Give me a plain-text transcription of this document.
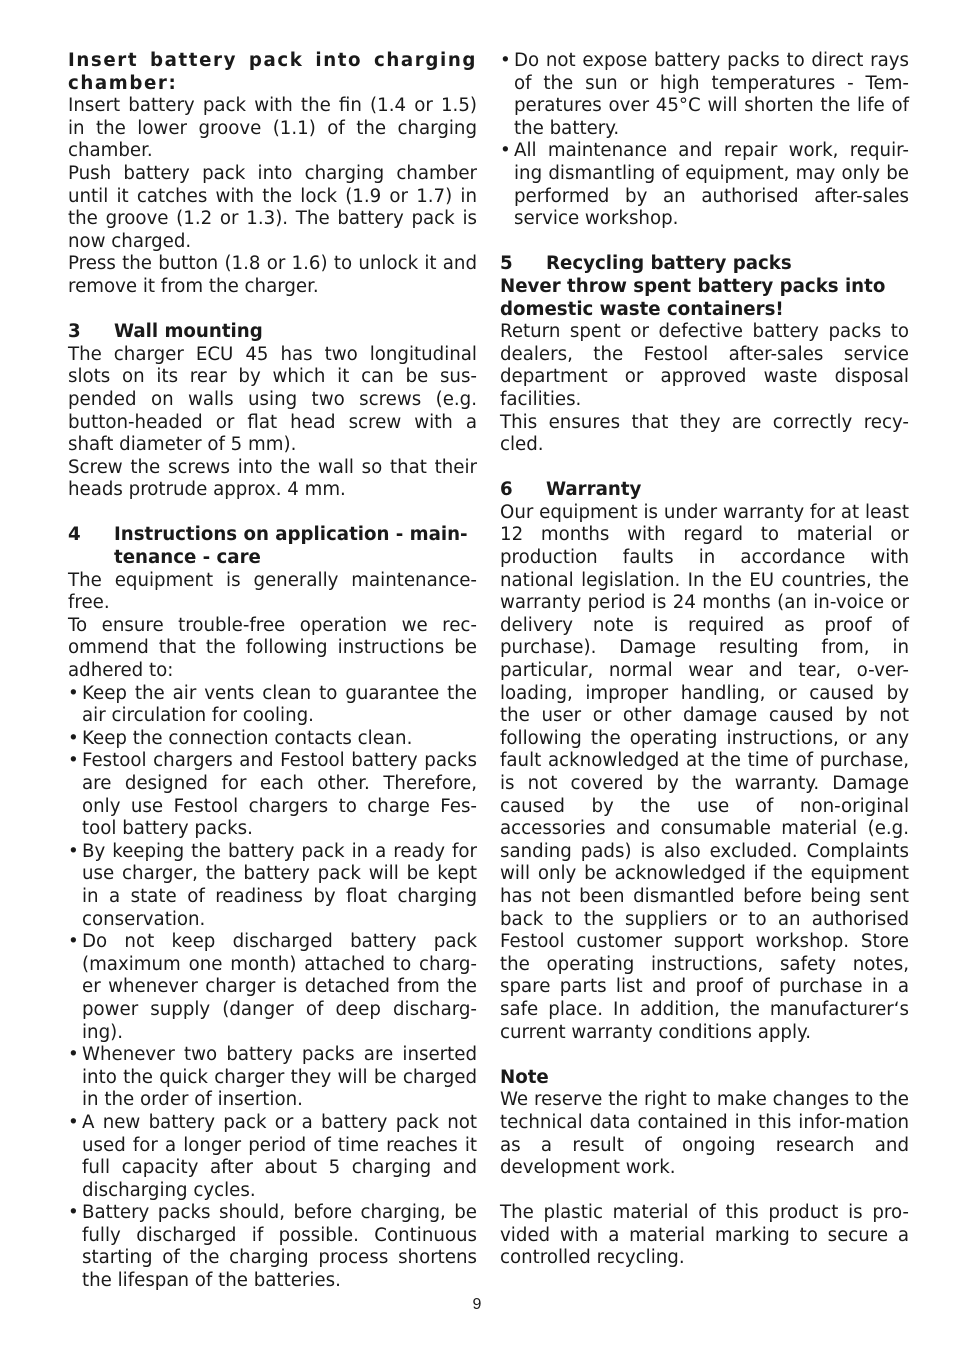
Insert battery pack into charging chamber:

Insert battery pack with the fin (1.4 or 1.5) in the lower groove (1.1) of the charging chamber.

Push battery pack into charging chamber until it catches with the lock (1.9 or 1.7) in the groove (1.2 or 1.3). The battery pack is now charged.

Press the button (1.8 or 1.6) to unlock it and remove it from the charger.

3	Wall mounting

The charger ECU 45 has two longitudinal slots on its rear by which it can be sus-pended on walls using two screws (e.g. button-headed or flat head screw with a shaft diameter of 5 mm).

Screw the screws into the wall so that their heads protrude approx. 4 mm.

4	Instructions on application - main-tenance - care

The equipment is generally maintenance-free.

To ensure trouble-free operation we rec-ommend that the following instructions be adhered to:

• Keep the air vents clean to guarantee the air circulation for cooling.
• Keep the connection contacts clean.
• Festool chargers and Festool battery packs are designed for each other. Therefore, only use Festool chargers to charge Fes-tool battery packs.
• By keeping the battery pack in a ready for use charger, the battery pack will be kept in a state of readiness by float charging conservation.
• Do not keep discharged battery pack (maximum one month) attached to charg-er whenever charger is detached from the power supply (danger of deep discharg-ing).
• Whenever two battery packs are inserted into the quick charger they will be charged in the order of insertion.
• A new battery pack or a battery pack not used for a longer period of time reaches it full capacity after about 5 charging and discharging cycles.
• Battery packs should, before charging, be fully discharged if possible. Continuous starting of the charging process shortens the lifespan of the batteries.
• Do not expose battery packs to direct rays of the sun or high temperatures - Tem-peratures over 45°C will shorten the life of the battery.
• All maintenance and repair work, requir-ing dismantling of equipment, may only be performed by an authorised after-sales service workshop.
5	Recycling battery packs

Never throw spent battery packs into domestic waste containers!

Return spent or defective battery packs to dealers, the Festool after-sales service department or approved waste disposal facilities.

This ensures that they are correctly recy-cled.

6	Warranty

Our equipment is under warranty for at least 12 months with regard to material or production faults in accordance with national legislation. In the EU countries, the warranty period is 24 months (an in-voice or delivery note is required as proof of purchase). Damage resulting from, in particular, normal wear and tear, o-ver-loading, improper handling, or caused by the user or other damage caused by not following the operating instructions, or any fault acknowledged at the time of purchase, is not covered by the warranty. Damage caused by the use of non-original accessories and consumable material (e.g. sanding pads) is also excluded. Complaints will only be acknowledged if the equipment has not been dismantled before being sent back to the suppliers or to an authorised Festool customer support workshop. Store the operating instructions, safety notes, spare parts list and proof of purchase in a safe place. In addition, the manufacturer‘s current warranty conditions apply.

Note

We reserve the right to make changes to the technical data contained in this infor-mation as a result of ongoing research and development work.

The plastic material of this product is pro-vided with a material marking to secure a controlled recycling.

9
